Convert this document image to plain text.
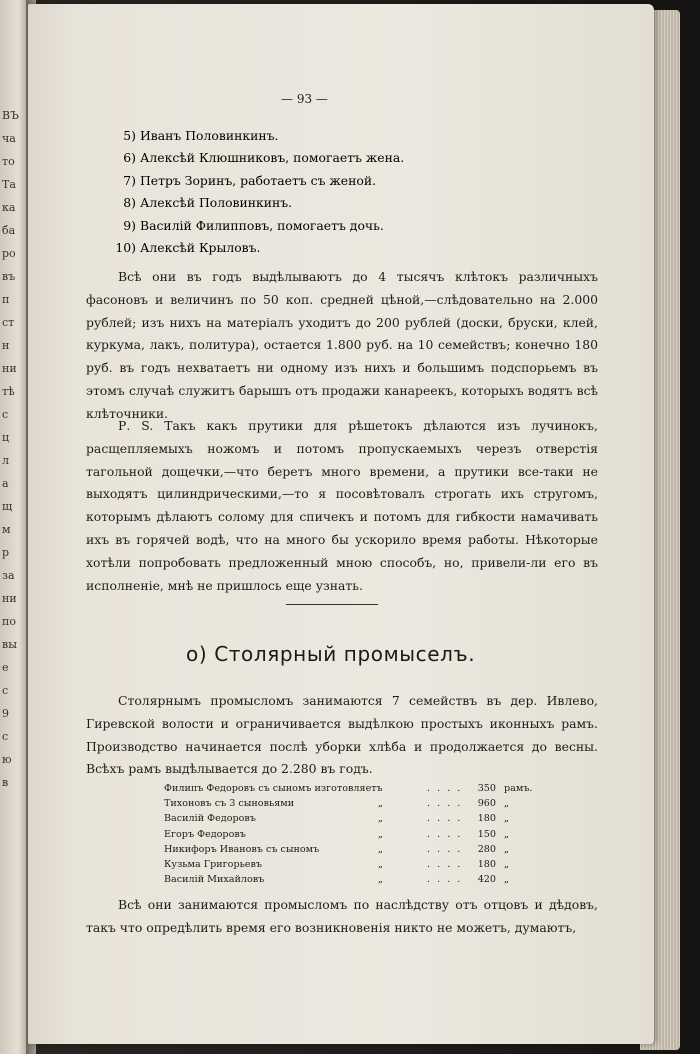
ВЪ
ча
то
Та
ка
ба
ро
въ
п
ст
н
ни
тѣ
с
ц
л
а
щ
м
р
за
ни
по
вы
е
с
9
с
ю
в
— 93 —
5) Иванъ Половинкинъ.
6) Алексѣй Клюшниковъ, помогаетъ жена.
7) Петръ Зоринъ, работаетъ съ женой.
8) Алексѣй Половинкинъ.
9) Василій Филипповъ, помогаетъ дочь.
10) Алексѣй Крыловъ.
Всѣ они въ годъ выдѣлываютъ до 4 тысячъ клѣтокъ различныхъ фасоновъ и величинъ по 50 коп. средней цѣной,—слѣдовательно на 2.000 рублей; изъ нихъ на матеріалъ уходитъ до 200 рублей (доски, бруски, клей, куркума, лакъ, политура), остается 1.800 руб. на 10 семействъ; конечно 180 руб. въ годъ нехватаетъ ни одному изъ нихъ и большимъ подспорьемъ въ этомъ случаѣ служитъ барышъ отъ продажи канареекъ, которыхъ водятъ всѣ клѣточники.
Р. S. Такъ какъ прутики для рѣшетокъ дѣлаются изъ лучинокъ, расщепляемыхъ ножомъ и потомъ пропускаемыхъ черезъ отверстія тагольной дощечки,—что беретъ много времени, а прутики все-таки не выходятъ цилиндрическими,—то я посовѣтовалъ строгать ихъ стругомъ, которымъ дѣлаютъ солому для спичекъ и потомъ для гибкости намачивать ихъ въ горячей водѣ, что на много бы ускорило время работы. Нѣкоторые хотѣли попробовать предложенный мною способъ, но, привели-ли его въ исполненіе, мнѣ не пришлось еще узнать.
о) Столярный промыселъ.
Столярнымъ промысломъ занимаются 7 семействъ въ дер. Ивлево, Гиревской волости и ограничивается выдѣлкою простыхъ иконныхъ рамъ. Производство начинается послѣ уборки хлѣба и продолжается до весны. Всѣхъ рамъ выдѣлывается до 2.280 въ годъ.
Филипъ Федоровъ съ сыномъ изготовляетъ	. . . .	350 рамъ.
Тихоновъ съ 3 сыновьями	„	. . . .	960 „
Василій Федоровъ	„	. . . .	180 „
Егоръ Федоровъ	„	. . . .	150 „
Никифоръ Ивановъ съ сыномъ	„	. . . .	280 „
Кузьма Григорьевъ	„	. . . .	180 „
Василій Михайловъ	„	. . . .	420 „
Всѣ они занимаются промысломъ по наслѣдству отъ отцовъ и дѣдовъ, такъ что опредѣлить время его возникновенія никто не можетъ, думаютъ,
